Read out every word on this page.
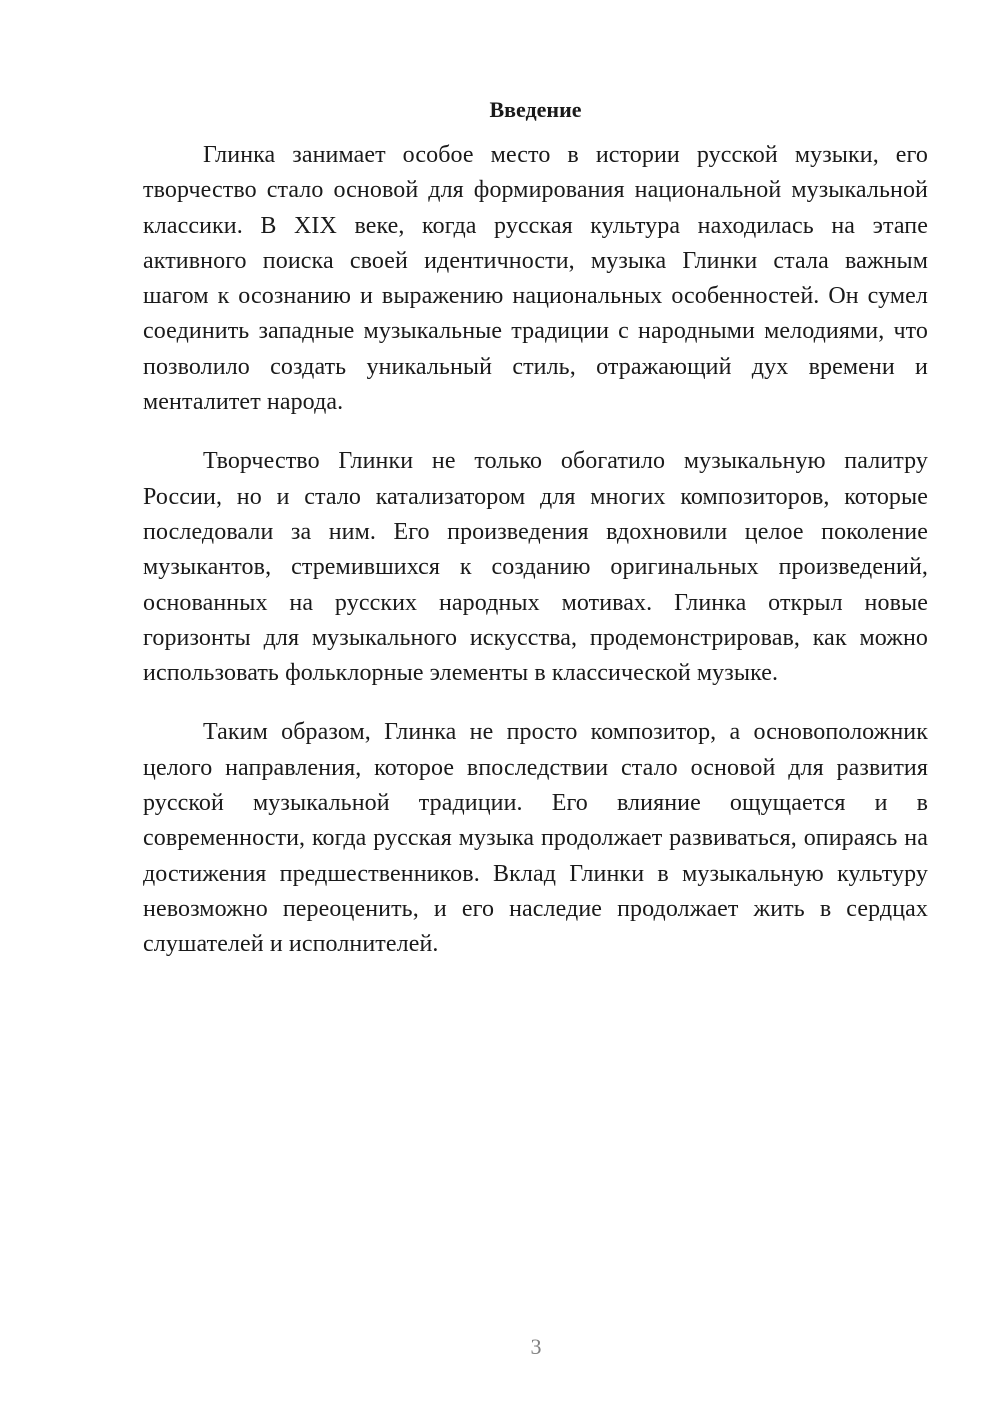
Введение

Глинка занимает особое место в истории русской музыки, его творчество стало основой для формирования национальной музыкальной классики. В XIX веке, когда русская культура находилась на этапе активного поиска своей идентичности, музыка Глинки стала важным шагом к осознанию и выражению национальных особенностей. Он сумел соединить западные музыкальные традиции с народными мелодиями, что позволило создать уникальный стиль, отражающий дух времени и менталитет народа.

Творчество Глинки не только обогатило музыкальную палитру России, но и стало катализатором для многих композиторов, которые последовали за ним. Его произведения вдохновили целое поколение музыкантов, стремившихся к созданию оригинальных произведений, основанных на русских народных мотивах. Глинка открыл новые горизонты для музыкального искусства, продемонстрировав, как можно использовать фольклорные элементы в классической музыке.

Таким образом, Глинка не просто композитор, а основоположник целого направления, которое впоследствии стало основой для развития русской музыкальной традиции. Его влияние ощущается и в современности, когда русская музыка продолжает развиваться, опираясь на достижения предшественников. Вклад Глинки в музыкальную культуру невозможно переоценить, и его наследие продолжает жить в сердцах слушателей и исполнителей.

3
